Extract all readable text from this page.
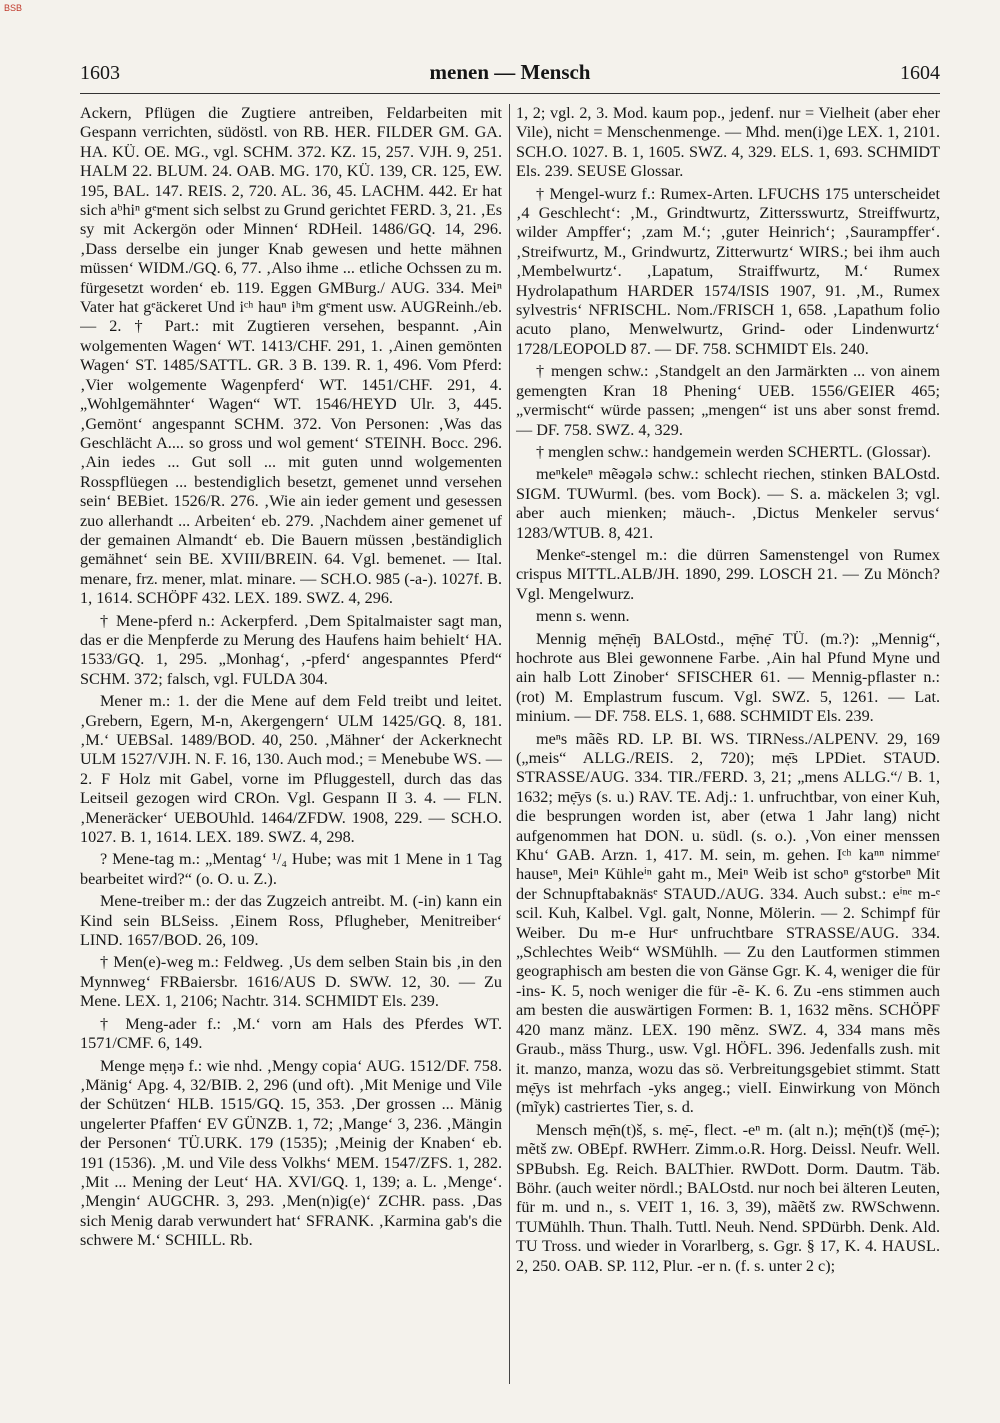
BSB
1603	menen — Mensch	1604

Ackern, Pflügen die Zugtiere antreiben, Feldarbeiten mit Gespann verrichten, südöstl. von RB. HER. FILDER GM. GA. HA. KÜ. OE. MG., vgl. SCHM. 372. KZ. 15, 257. VJH. 9, 251. HALM 22. BLUM. 24. OAB. MG. 170, KÜ. 139, CR. 125, EW. 195, BAL. 147. REIS. 2, 720. AL. 36, 45. LACHM. 442. Er hat sich aᵇhiⁿ gᵉment sich selbst zu Grund gerichtet FERD. 3, 21. ‚Es sy mit Ackergön oder Minnen‘ RDHeil. 1486/GQ. 14, 296. ‚Dass derselbe ein junger Knab gewesen und hette mähnen müssen‘ WIDM./GQ. 6, 77. ‚Also ihme ... etliche Ochssen zu m. fürgesetzt worden‘ eb. 119. Eggen GMBurg./ AUG. 334. Meiⁿ Vater hat gᵉäckeret Und iᶜʰ hauⁿ iʰm gᵉment usw. AUGReinh./eb. — 2. † Part.: mit Zugtieren versehen, bespannt. ‚Ain wolgementen Wagen‘ WT. 1413/CHF. 291, 1. ‚Ainen gemönten Wagen‘ ST. 1485/SATTL. GR. 3 B. 139. R. 1, 496. Vom Pferd: ‚Vier wolgemente Wagenpferd‘ WT. 1451/CHF. 291, 4. „Wohlgemähnter‘ Wagen“ WT. 1546/HEYD Ulr. 3, 445. ‚Gemönt‘ angespannt SCHM. 372. Von Personen: ‚Was das Geschlächt A.... so gross und wol gement‘ STEINH. Bocc. 296. ‚Ain iedes ... Gut soll ... mit guten unnd wolgementen Rosspflüegen ... bestendiglich besetzt, gemenet unnd versehen sein‘ BEBiet. 1526/R. 276. ‚Wie ain ieder gement und gesessen zuo allerhandt ... Arbeiten‘ eb. 279. ‚Nachdem ainer gemenet uf der gemainen Almandt‘ eb. Die Bauern müssen ‚beständiglich gemähnet‘ sein BE. XVIII/BREIN. 64. Vgl. bemenet. — Ital. menare, frz. mener, mlat. minare. — SCH.O. 985 (-a-). 1027f. B. 1, 1614. SCHÖPF 432. LEX. 189. SWZ. 4, 296.

† Mene-pferd n.: Ackerpferd. ‚Dem Spitalmaister sagt man, das er die Menpferde zu Merung des Haufens haim behielt‘ HA. 1533/GQ. 1, 295. „Monhag‘, ‚-pferd‘ angespanntes Pferd“ SCHM. 372; falsch, vgl. FULDA 304.

Mener m.: 1. der die Mene auf dem Feld treibt und leitet. ‚Grebern, Egern, M-n, Akergengern‘ ULM 1425/GQ. 8, 181. ‚M.‘ UEBSal. 1489/BOD. 40, 250. ‚Mähner‘ der Ackerknecht ULM 1527/VJH. N. F. 16, 130. Auch mod.; = Menebube WS. — 2. F Holz mit Gabel, vorne im Pfluggestell, durch das das Leitseil gezogen wird CROn. Vgl. Gespann II 3. 4. — FLN. ‚Meneräcker‘ UEBOUhld. 1464/ZFDW. 1908, 229. — SCH.O. 1027. B. 1, 1614. LEX. 189. SWZ. 4, 298.

? Mene-tag m.: „Mentag‘ ¹/₄ Hube; was mit 1 Mene in 1 Tag bearbeitet wird?“ (o. O. u. Z.).

Mene-treiber m.: der das Zugzeich antreibt. M. (-in) kann ein Kind sein BLSeiss. ‚Einem Ross, Pflugheber, Menitreiber‘ LIND. 1657/BOD. 26, 109.

† Men(e)-weg m.: Feldweg. ‚Us dem selben Stain bis ‚in den Mynnweg‘ FRBaiersbr. 1616/AUS D. SWW. 12, 30. — Zu Mene. LEX. 1, 2106; Nachtr. 314. SCHMIDT Els. 239.

† Meng-ader f.: ‚M.‘ vorn am Hals des Pferdes WT. 1571/CMF. 6, 149.

Menge mẹŋə f.: wie nhd. ‚Mengy copia‘ AUG. 1512/DF. 758. ‚Mänig‘ Apg. 4, 32/BIB. 2, 296 (und oft). ‚Mit Menige und Vile der Schützen‘ HLB. 1515/GQ. 15, 353. ‚Der grossen ... Mänig ungelerter Pfaffen‘ EV GÜNZB. 1, 72; ‚Mange‘ 3, 236. ‚Mängin der Personen‘ TÜ.URK. 179 (1535); ‚Meinig der Knaben‘ eb. 191 (1536). ‚M. und Vile dess Volkhs‘ MEM. 1547/ZFS. 1, 282. ‚Mit ... Mening der Leut‘ HA. XVI/GQ. 1, 139; a. L. ‚Menge‘. ‚Mengin‘ AUGCHR. 3, 293. ‚Men(n)ig(e)‘ ZCHR. pass. ‚Das sich Menig darab verwundert hat‘ SFRANK. ‚Karmina gab's die schwere M.‘ SCHILL. Rb.

1, 2; vgl. 2, 3. Mod. kaum pop., jedenf. nur = Vielheit (aber eher Vile), nicht = Menschenmenge. — Mhd. men(i)ge LEX. 1, 2101. SCH.O. 1027. B. 1, 1605. SWZ. 4, 329. ELS. 1, 693. SCHMIDT Els. 239. SEUSE Glossar.

† Mengel-wurz f.: Rumex-Arten. LFUCHS 175 unterscheidet ‚4 Geschlecht‘: ‚M., Grindtwurtz, Zittersswurtz, Streiffwurtz, wilder Ampffer‘; ‚zam M.‘; ‚guter Heinrich‘; ‚Saurampffer‘. ‚Streifwurtz, M., Grindwurtz, Zitterwurtz‘ WIRS.; bei ihm auch ‚Membelwurtz‘. ‚Lapatum, Straiffwurtz, M.‘ Rumex Hydrolapathum HARDER 1574/ISIS 1907, 91. ‚M., Rumex sylvestris‘ NFRISCHL. Nom./FRISCH 1, 658. ‚Lapathum folio acuto plano, Menwelwurtz, Grind- oder Lindenwurtz‘ 1728/LEOPOLD 87. — DF. 758. SCHMIDT Els. 240.

† mengen schw.: ‚Standgelt an den Jarmärkten ... von ainem gemengten Kran 18 Phening‘ UEB. 1556/GEIER 465; „vermischt“ würde passen; „mengen“ ist uns aber sonst fremd. — DF. 758. SWZ. 4, 329.

† menglen schw.: handgemein werden SCHERTL. (Glossar).

meⁿkeleⁿ mẽəgələ schw.: schlecht riechen, stinken BALOstd. SIGM. TUWurml. (bes. vom Bock). — S. a. mäckelen 3; vgl. aber auch mienken; mäuch-. ‚Dictus Menkeler servus‘ 1283/WTUB. 8, 421.

Menkeᵉ-stengel m.: die dürren Samenstengel von Rumex crispus MITTL.ALB/JH. 1890, 299. LOSCH 21. — Zu Mönch? Vgl. Mengelwurz.

menn s. wenn.

Mennig mẹ̄nẹ̄ŋ BALOstd., mẹ̄nẹ̄ TÜ. (m.?): „Mennig“, hochrote aus Blei gewonnene Farbe. ‚Ain hal Pfund Myne und ain halb Lott Zinober‘ SFISCHER 61. — Mennig-pflaster n.: (rot) M. Emplastrum fuscum. Vgl. SWZ. 5, 1261. — Lat. minium. — DF. 758. ELS. 1, 688. SCHMIDT Els. 239.

meⁿs mãẽs RD. LP. BI. WS. TIRNess./ALPENV. 29, 169 („meis“ ALLG./REIS. 2, 720); mẹ̄s LPDiet. STAUD. STRASSE/AUG. 334. TIR./FERD. 3, 21; „mens ALLG.“/ B. 1, 1632; mẹ̄ys (s. u.) RAV. TE. Adj.: 1. unfruchtbar, von einer Kuh, die besprungen worden ist, aber (etwa 1 Jahr lang) nicht aufgenommen hat DON. u. südl. (s. o.). ‚Von einer menssen Khu‘ GAB. Arzn. 1, 417. M. sein, m. gehen. Iᶜʰ kaⁿⁿ nimmeʳ hauseⁿ, Meiⁿ Kühleⁱⁿ gaht m., Meiⁿ Weib ist schoⁿ gᵉstorbeⁿ Mit der Schnupftabaknäsᵉ STAUD./AUG. 334. Auch subst.: eⁱⁿᵉ m-ᵉ scil. Kuh, Kalbel. Vgl. galt, Nonne, Mölerin. — 2. Schimpf für Weiber. Du m-e Hurᵉ unfruchtbare STRASSE/AUG. 334. „Schlechtes Weib“ WSMühlh. — Zu den Lautformen stimmen geographisch am besten die von Gänse Ggr. K. 4, weniger die für -ins- K. 5, noch weniger die für -ẽ- K. 6. Zu -ens stimmen auch am besten die auswärtigen Formen: B. 1, 1632 mẽns. SCHÖPF 420 manz mänz. LEX. 190 mẽnz. SWZ. 4, 334 mans mẽs Graub., mäss Thurg., usw. Vgl. HÖFL. 396. Jedenfalls zush. mit it. manzo, manza, wozu das sö. Verbreitungsgebiet stimmt. Statt mẹ̄ys ist mehrfach -yks angeg.; vielI. Einwirkung von Mönch (mĩyk) castriertes Tier, s. d.

Mensch mẹ̄n(t)š, s. mẹ̄-, flect. -eⁿ m. (alt n.); mẹ̄n(t)š (mẹ̄-); mẽtš zw. OBEpf. RWHerr. Zimm.o.R. Horg. Deissl. Neufr. Well. SPBubsh. Eg. Reich. BALThier. RWDott. Dorm. Dautm. Täb. Böhr. (auch weiter nördl.; BALOstd. nur noch bei älteren Leuten, für m. und n., s. VEIT 1, 16. 3, 39), mãẽtš zw. RWSchwenn. TUMühlh. Thun. Thalh. Tuttl. Neuh. Nend. SPDürbh. Denk. Ald. TU Tross. und wieder in Vorarlberg, s. Ggr. § 17, K. 4. HAUSL. 2, 250. OAB. SP. 112, Plur. -er n. (f. s. unter 2 c);
